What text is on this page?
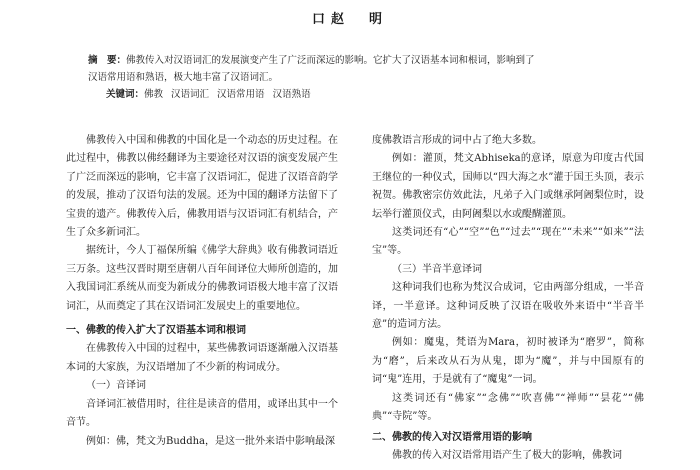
口赵　明
摘　要：佛教传入对汉语词汇的发展演变产生了广泛而深远的影响。它扩大了汉语基本词和根词，影响到了
汉语常用语和熟语，极大地丰富了汉语词汇。
关键词：佛教 汉语词汇 汉语常用语 汉语熟语

佛教传入中国和佛教的中国化是一个动态的历史过程。在此过程中，佛教以佛经翻译为主要途径对汉语的演变发展产生了广泛而深远的影响，它丰富了汉语词汇，促进了汉语音韵学的发展，推动了汉语句法的发展。还为中国的翻译方法留下了宝贵的遗产。佛教传入后，佛教用语与汉语词汇有机结合，产生了众多新词汇。

据统计，今人丁福保所编《佛学大辞典》收有佛教词语近三万条。这些汉晋时期至唐朝八百年间译位大师所创造的，加入我国词汇系统从而变为新成分的佛教词语极大地丰富了汉语词汇，从而奠定了其在汉语词汇发展史上的重要地位。

一、佛教的传入扩大了汉语基本词和根词

在佛教传入中国的过程中，某些佛教词语逐渐融入汉语基本词的大家族，为汉语增加了不少新的构词成分。

（一）音译词

音译词汇被借用时，往往是读音的借用，或译出其中一个音节。

例如：佛，梵文为Buddha，是这一批外来语中影响最深

度佛教语言形成的词中占了绝大多数。

例如：灌顶，梵文Abhiseka的意译，原意为印度古代国王继位的一种仪式，国师以“四大海之水”灌于国王头顶，表示祝贺。佛教密宗仿效此法，凡弟子入门或继承阿阇梨位时，设坛举行灌顶仪式，由阿阇梨以水或醍醐灌顶。

这类词还有“心”“空”“色”“过去”“现在”“未来”“如来”“法宝”等。

（三）半音半意译词

这种词我们也称为梵汉合成词，它由两部分组成，一半音译，一半意译。这种词反映了汉语在吸收外来语中“半音半意”的造词方法。

例如：魔鬼，梵语为Mara，初时被译为“磨罗”，简称为“磨”，后来改从石为从鬼，即为“魔”，并与中国原有的词“鬼”连用，于是就有了“魔鬼”一词。

这类词还有“佛家”“念佛”“吹喜佛”“禅师”“昙花”“佛典”“寺院”等。

二、佛教的传入对汉语常用语的影响

佛教的传入对汉语常用语产生了极大的影响，佛教词
